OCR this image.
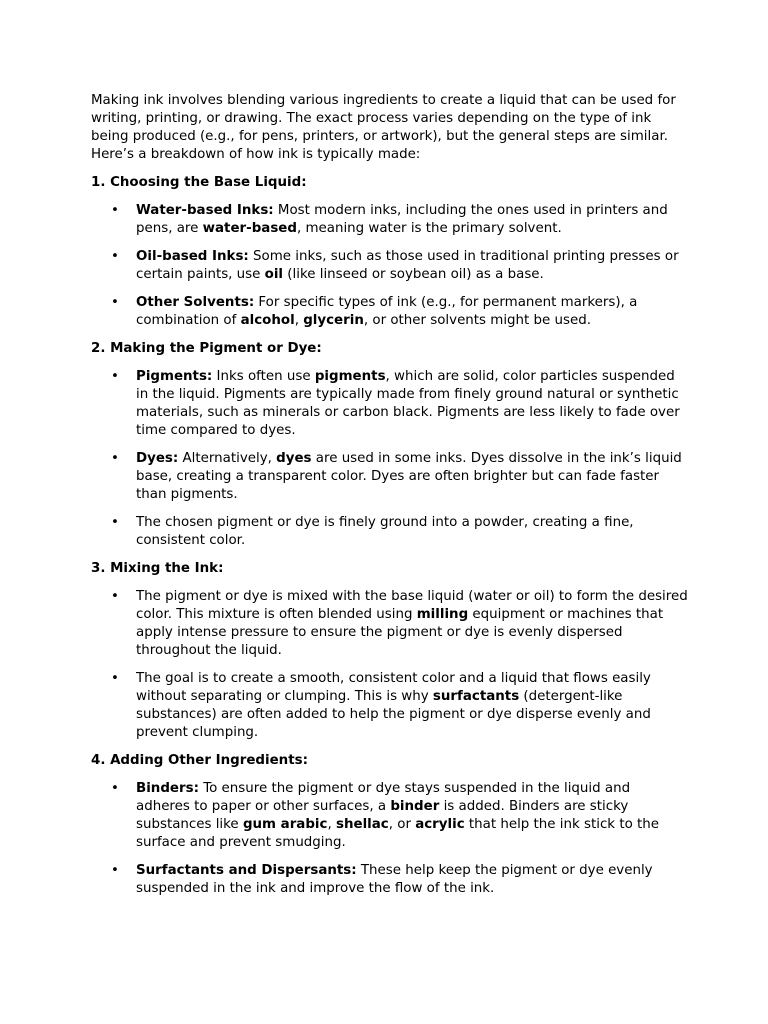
Making ink involves blending various ingredients to create a liquid that can be used for writing, printing, or drawing. The exact process varies depending on the type of ink being produced (e.g., for pens, printers, or artwork), but the general steps are similar. Here’s a breakdown of how ink is typically made:

1. Choosing the Base Liquid:
• Water-based Inks: Most modern inks, including the ones used in printers and pens, are water-based, meaning water is the primary solvent.
• Oil-based Inks: Some inks, such as those used in traditional printing presses or certain paints, use oil (like linseed or soybean oil) as a base.
• Other Solvents: For specific types of ink (e.g., for permanent markers), a combination of alcohol, glycerin, or other solvents might be used.
2. Making the Pigment or Dye:
• Pigments: Inks often use pigments, which are solid, color particles suspended in the liquid. Pigments are typically made from finely ground natural or synthetic materials, such as minerals or carbon black. Pigments are less likely to fade over time compared to dyes.
• Dyes: Alternatively, dyes are used in some inks. Dyes dissolve in the ink’s liquid base, creating a transparent color. Dyes are often brighter but can fade faster than pigments.
• The chosen pigment or dye is finely ground into a powder, creating a fine, consistent color.
3. Mixing the Ink:
• The pigment or dye is mixed with the base liquid (water or oil) to form the desired color. This mixture is often blended using milling equipment or machines that apply intense pressure to ensure the pigment or dye is evenly dispersed throughout the liquid.
• The goal is to create a smooth, consistent color and a liquid that flows easily without separating or clumping. This is why surfactants (detergent-like substances) are often added to help the pigment or dye disperse evenly and prevent clumping.
4. Adding Other Ingredients:
• Binders: To ensure the pigment or dye stays suspended in the liquid and adheres to paper or other surfaces, a binder is added. Binders are sticky substances like gum arabic, shellac, or acrylic that help the ink stick to the surface and prevent smudging.
• Surfactants and Dispersants: These help keep the pigment or dye evenly suspended in the ink and improve the flow of the ink.
